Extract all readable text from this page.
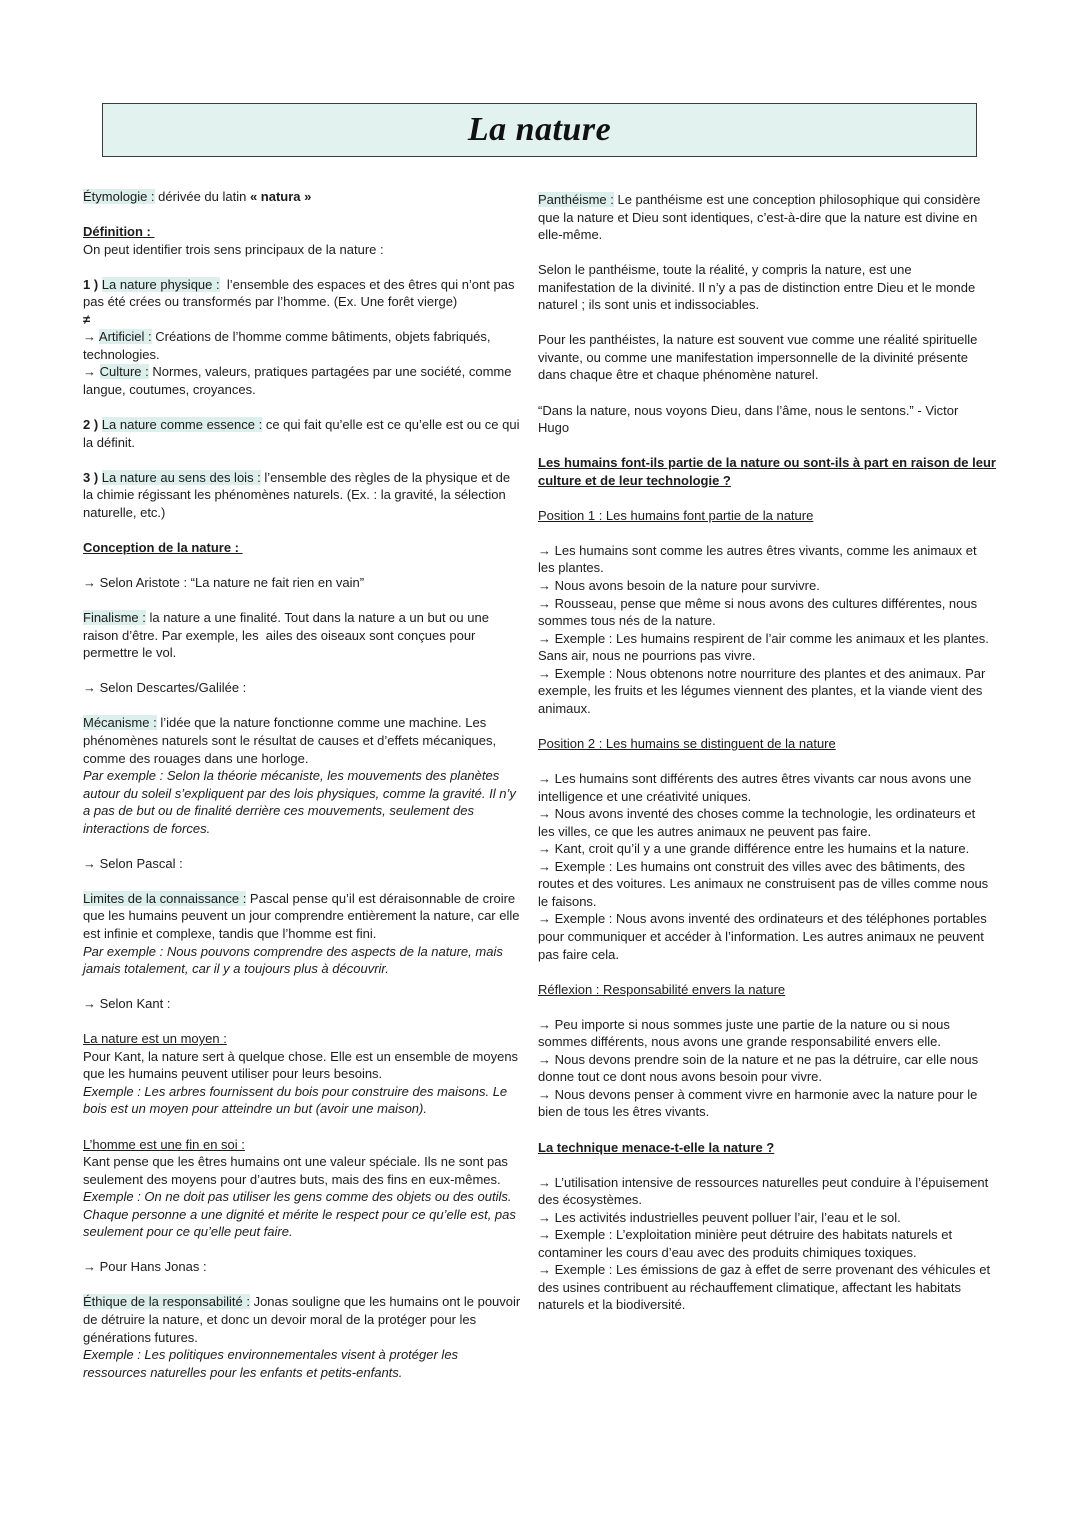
La nature
Étymologie : dérivée du latin « natura »
Définition :
On peut identifier trois sens principaux de la nature :
1 ) La nature physique :  l’ensemble des espaces et des êtres qui n’ont pas
pas été crées ou transformés par l’homme. (Ex. Une forêt vierge)
≠
→ Artificiel : Créations de l’homme comme bâtiments, objets fabriqués,
technologies.
→ Culture : Normes, valeurs, pratiques partagées par une société, comme
langue, coutumes, croyances.
2 ) La nature comme essence : ce qui fait qu’elle est ce qu’elle est ou ce qui
la définit.
3 ) La nature au sens des lois : l’ensemble des règles de la physique et de
la chimie régissant les phénomènes naturels. (Ex. : la gravité, la sélection
naturelle, etc.)
Conception de la nature :
→ Selon Aristote : “La nature ne fait rien en vain”
Finalisme : la nature a une finalité. Tout dans la nature a un but ou une
raison d’être. Par exemple, les  ailes des oiseaux sont conçues pour
permettre le vol.
→ Selon Descartes/Galilée :
Mécanisme : l’idée que la nature fonctionne comme une machine. Les
phénomènes naturels sont le résultat de causes et d’effets mécaniques,
comme des rouages dans une horloge.
Par exemple : Selon la théorie mécaniste, les mouvements des planètes
autour du soleil s’expliquent par des lois physiques, comme la gravité. Il n’y
a pas de but ou de finalité derrière ces mouvements, seulement des
interactions de forces.
→ Selon Pascal :
Limites de la connaissance : Pascal pense qu’il est déraisonnable de croire
que les humains peuvent un jour comprendre entièrement la nature, car elle
est infinie et complexe, tandis que l’homme est fini.
Par exemple : Nous pouvons comprendre des aspects de la nature, mais
jamais totalement, car il y a toujours plus à découvrir.
→ Selon Kant :
La nature est un moyen :
Pour Kant, la nature sert à quelque chose. Elle est un ensemble de moyens
que les humains peuvent utiliser pour leurs besoins.
Exemple : Les arbres fournissent du bois pour construire des maisons. Le
bois est un moyen pour atteindre un but (avoir une maison).
L’homme est une fin en soi :
Kant pense que les êtres humains ont une valeur spéciale. Ils ne sont pas
seulement des moyens pour d’autres buts, mais des fins en eux-mêmes.
Exemple : On ne doit pas utiliser les gens comme des objets ou des outils.
Chaque personne a une dignité et mérite le respect pour ce qu’elle est, pas
seulement pour ce qu’elle peut faire.
→ Pour Hans Jonas :
Éthique de la responsabilité : Jonas souligne que les humains ont le pouvoir
de détruire la nature, et donc un devoir moral de la protéger pour les
générations futures.
Exemple : Les politiques environnementales visent à protéger les
ressources naturelles pour les enfants et petits-enfants.
Panthéisme : Le panthéisme est une conception philosophique qui considère
que la nature et Dieu sont identiques, c’est-à-dire que la nature est divine en
elle-même.
Selon le panthéisme, toute la réalité, y compris la nature, est une
manifestation de la divinité. Il n’y a pas de distinction entre Dieu et le monde
naturel ; ils sont unis et indissociables.
Pour les panthéistes, la nature est souvent vue comme une réalité spirituelle
vivante, ou comme une manifestation impersonnelle de la divinité présente
dans chaque être et chaque phénomène naturel.
“Dans la nature, nous voyons Dieu, dans l’âme, nous le sentons.” - Victor
Hugo
Les humains font-ils partie de la nature ou sont-ils à part en raison de leur
culture et de leur technologie ?
Position 1 : Les humains font partie de la nature
→ Les humains sont comme les autres êtres vivants, comme les animaux et
les plantes.
→ Nous avons besoin de la nature pour survivre.
→ Rousseau, pense que même si nous avons des cultures différentes, nous
sommes tous nés de la nature.
→ Exemple : Les humains respirent de l’air comme les animaux et les plantes.
Sans air, nous ne pourrions pas vivre.
→ Exemple : Nous obtenons notre nourriture des plantes et des animaux. Par
exemple, les fruits et les légumes viennent des plantes, et la viande vient des
animaux.
Position 2 : Les humains se distinguent de la nature
→ Les humains sont différents des autres êtres vivants car nous avons une
intelligence et une créativité uniques.
→ Nous avons inventé des choses comme la technologie, les ordinateurs et
les villes, ce que les autres animaux ne peuvent pas faire.
→ Kant, croit qu’il y a une grande différence entre les humains et la nature.
→ Exemple : Les humains ont construit des villes avec des bâtiments, des
routes et des voitures. Les animaux ne construisent pas de villes comme nous
le faisons.
→ Exemple : Nous avons inventé des ordinateurs et des téléphones portables
pour communiquer et accéder à l’information. Les autres animaux ne peuvent
pas faire cela.
Réflexion : Responsabilité envers la nature
→ Peu importe si nous sommes juste une partie de la nature ou si nous
sommes différents, nous avons une grande responsabilité envers elle.
→ Nous devons prendre soin de la nature et ne pas la détruire, car elle nous
donne tout ce dont nous avons besoin pour vivre.
→ Nous devons penser à comment vivre en harmonie avec la nature pour le
bien de tous les êtres vivants.
La technique menace-t-elle la nature ?
→ L’utilisation intensive de ressources naturelles peut conduire à l’épuisement
des écosystèmes.
→ Les activités industrielles peuvent polluer l’air, l’eau et le sol.
→ Exemple : L’exploitation minière peut détruire des habitats naturels et
contaminer les cours d’eau avec des produits chimiques toxiques.
→ Exemple : Les émissions de gaz à effet de serre provenant des véhicules et
des usines contribuent au réchauffement climatique, affectant les habitats
naturels et la biodiversité.
